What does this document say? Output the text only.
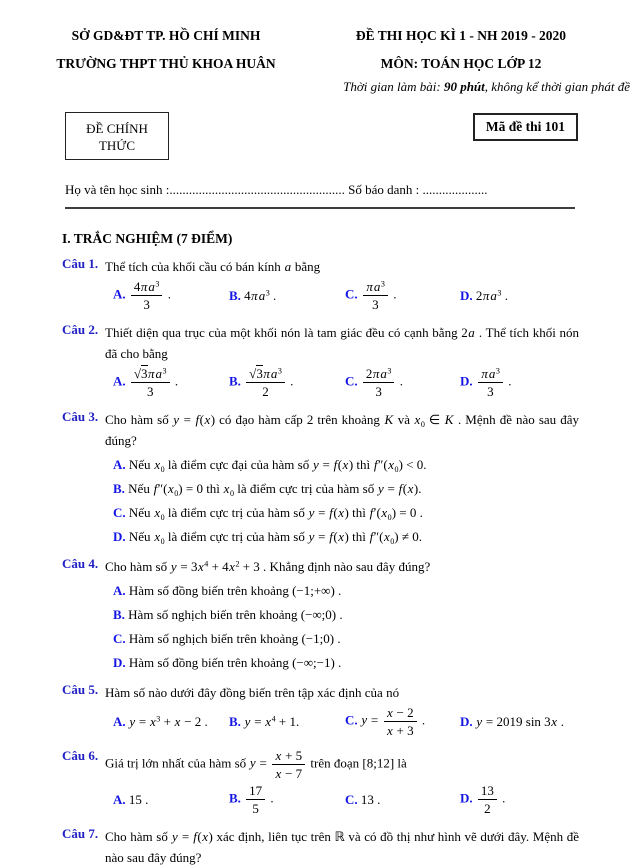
SỞ GD&ĐT TP. HỒ CHÍ MINH
TRƯỜNG THPT THỦ KHOA HUÂN
ĐỀ THI HỌC KÌ 1 - NH 2019 - 2020
MÔN: TOÁN HỌC LỚP 12
Thời gian làm bài: 90 phút, không kể thời gian phát đề
ĐỀ CHÍNH
THỨC
Mã đề thi 101
Họ và tên học sinh :...................................................... Số báo danh : ....................
I. TRẮC NGHIỆM (7 ĐIỂM)
Câu 1. Thể tích của khối cầu có bán kính a bằng
A. $\frac{4\pi a^3}{3}$ .	B. $4\pi a^3$ .	C. $\frac{\pi a^3}{3}$ .	D. $2\pi a^3$ .
Câu 2. Thiết diện qua trục của một khối nón là tam giác đều có cạnh bằng 2a . Thể tích khối nón đã cho bằng
A. $\frac{√3\pi a^3}{3}$ .	B. $\frac{√3\pi a^3}{2}$ .	C. $\frac{2\pi a^3}{3}$ .	D. $\frac{\pi a^3}{3}$ .
Câu 3. Cho hàm số y = f(x) có đạo hàm cấp 2 trên khoảng K và $x_0$ ∈ K . Mệnh đề nào sau đây đúng?
A. Nếu $x_0$ là điểm cực đại của hàm số y = f(x) thì $f''(x_0) < 0$.
B. Nếu $f''(x_0) = 0$ thì $x_0$ là điểm cực trị của hàm số y = f(x).
C. Nếu $x_0$ là điểm cực trị của hàm số y = f(x) thì $f'(x_0) = 0$ .
D. Nếu $x_0$ là điểm cực trị của hàm số y = f(x) thì $f''(x_0) \ne 0$.
Câu 4. Cho hàm số $y = 3x^4 + 4x^2 + 3$ . Khẳng định nào sau đây đúng?
A. Hàm số đồng biến trên khoảng (−1;+∞) .
B. Hàm số nghịch biến trên khoảng (−∞;0) .
C. Hàm số nghịch biến trên khoảng (−1;0) .
D. Hàm số đồng biến trên khoảng (−∞;−1) .
Câu 5. Hàm số nào dưới đây đồng biến trên tập xác định của nó
A. $y = x^3 + x - 2$ .	B. $y = x^4 + 1$.	C. $y = \frac{x - 2}{x + 3}$ .	D. y = 2019 sin 3x .
Câu 6. Giá trị lớn nhất của hàm số $y = \frac{x + 5}{x - 7}$ trên đoạn [8;12] là
A. 15 .	B. $\frac{17}{5}$ .	C. 13 .	D. $\frac{13}{2}$ .
Câu 7. Cho hàm số y = f(x) xác định, liên tục trên ℝ và có đồ thị như hình vẽ dưới đây. Mệnh đề nào sau đây đúng?
